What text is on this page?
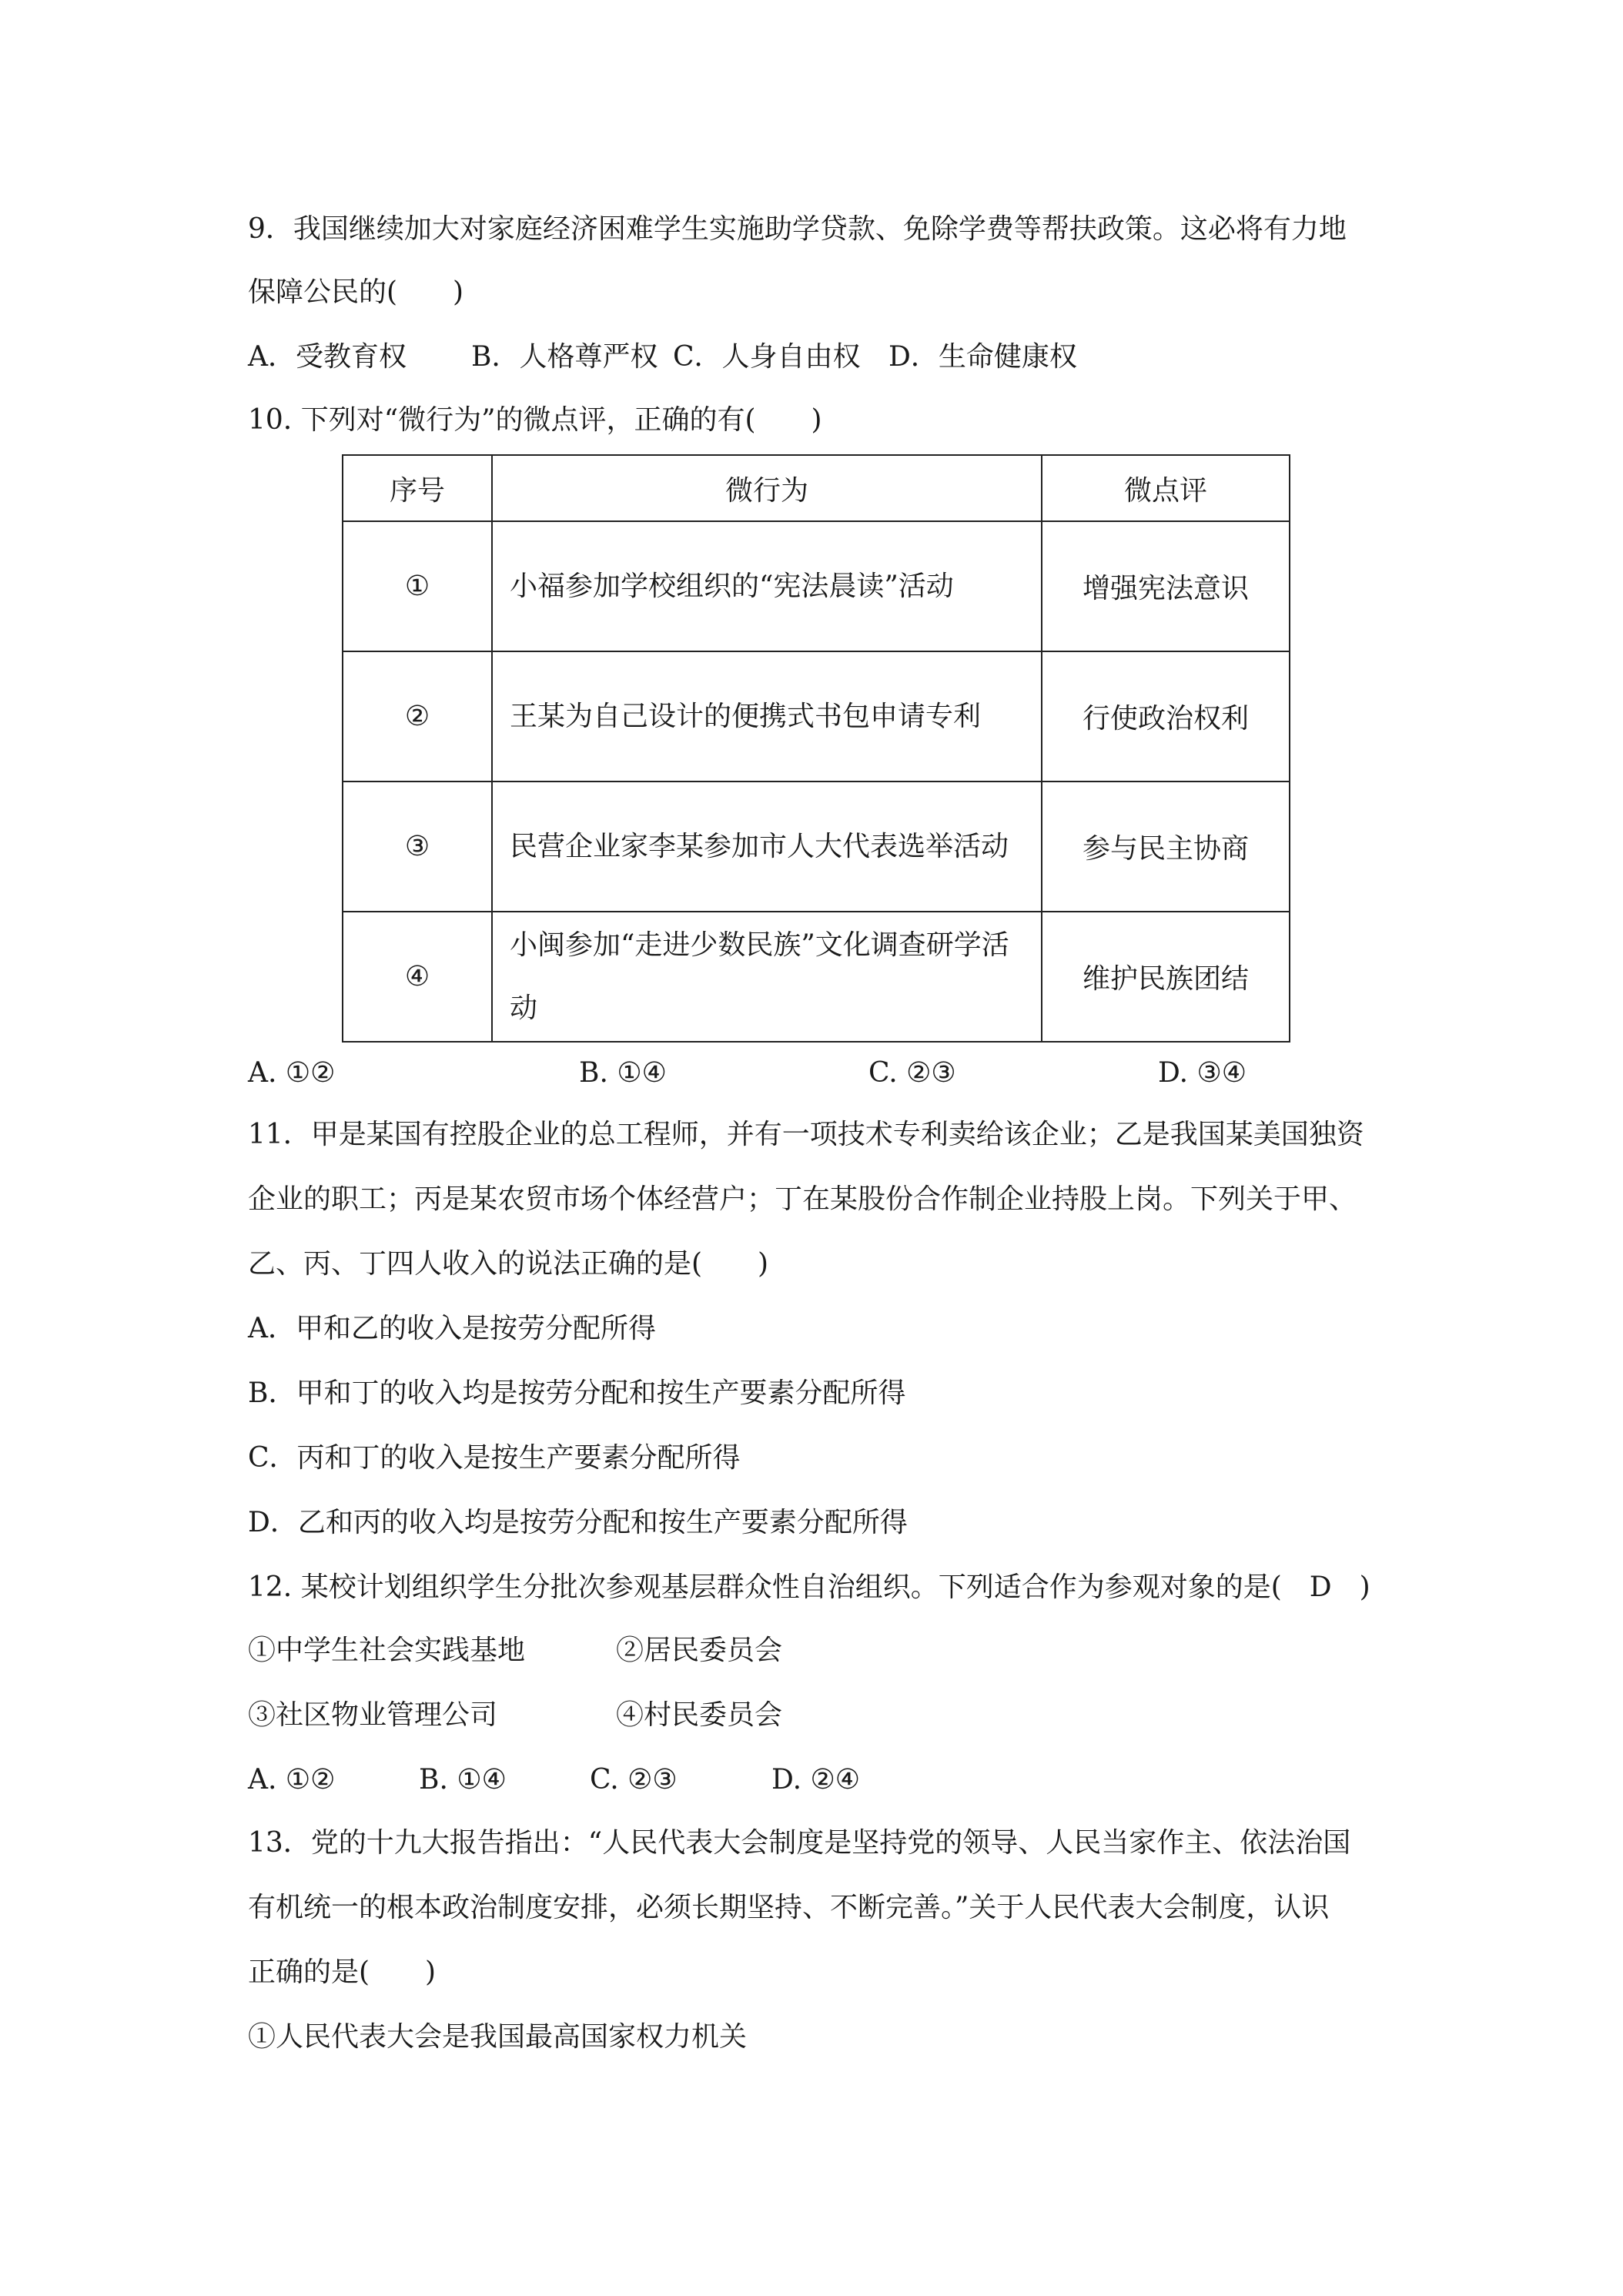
9．我国继续加大对家庭经济困难学生实施助学贷款、免除学费等帮扶政策。这必将有力地
保障公民的(　　)
A．受教育权 B．人格尊严权 C．人身自由权 D．生命健康权
10. 下列对“微行为”的微点评，正确的有(　　)
序号	微行为	微点评
①	小福参加学校组织的“宪法晨读”活动	增强宪法意识
②	王某为自己设计的便携式书包申请专利	行使政治权利
③	民营企业家李某参加市人大代表选举活动	参与民主协商
④	小闽参加“走进少数民族”文化调查研学活动	维护民族团结
A. ①②	B. ①④	C. ②③	D. ③④
11．甲是某国有控股企业的总工程师，并有一项技术专利卖给该企业；乙是我国某美国独资
企业的职工；丙是某农贸市场个体经营户；丁在某股份合作制企业持股上岗。下列关于甲、
乙、丙、丁四人收入的说法正确的是(　　)
A．甲和乙的收入是按劳分配所得
B．甲和丁的收入均是按劳分配和按生产要素分配所得
C．丙和丁的收入是按生产要素分配所得
D．乙和丙的收入均是按劳分配和按生产要素分配所得
12. 某校计划组织学生分批次参观基层群众性自治组织。下列适合作为参观对象的是(　D　)
①中学生社会实践基地	②居民委员会
③社区物业管理公司	④村民委员会
A. ①②	B. ①④	C. ②③	D. ②④
13．党的十九大报告指出：“人民代表大会制度是坚持党的领导、人民当家作主、依法治国
有机统一的根本政治制度安排，必须长期坚持、不断完善。”关于人民代表大会制度，认识
正确的是(　　)
①人民代表大会是我国最高国家权力机关
